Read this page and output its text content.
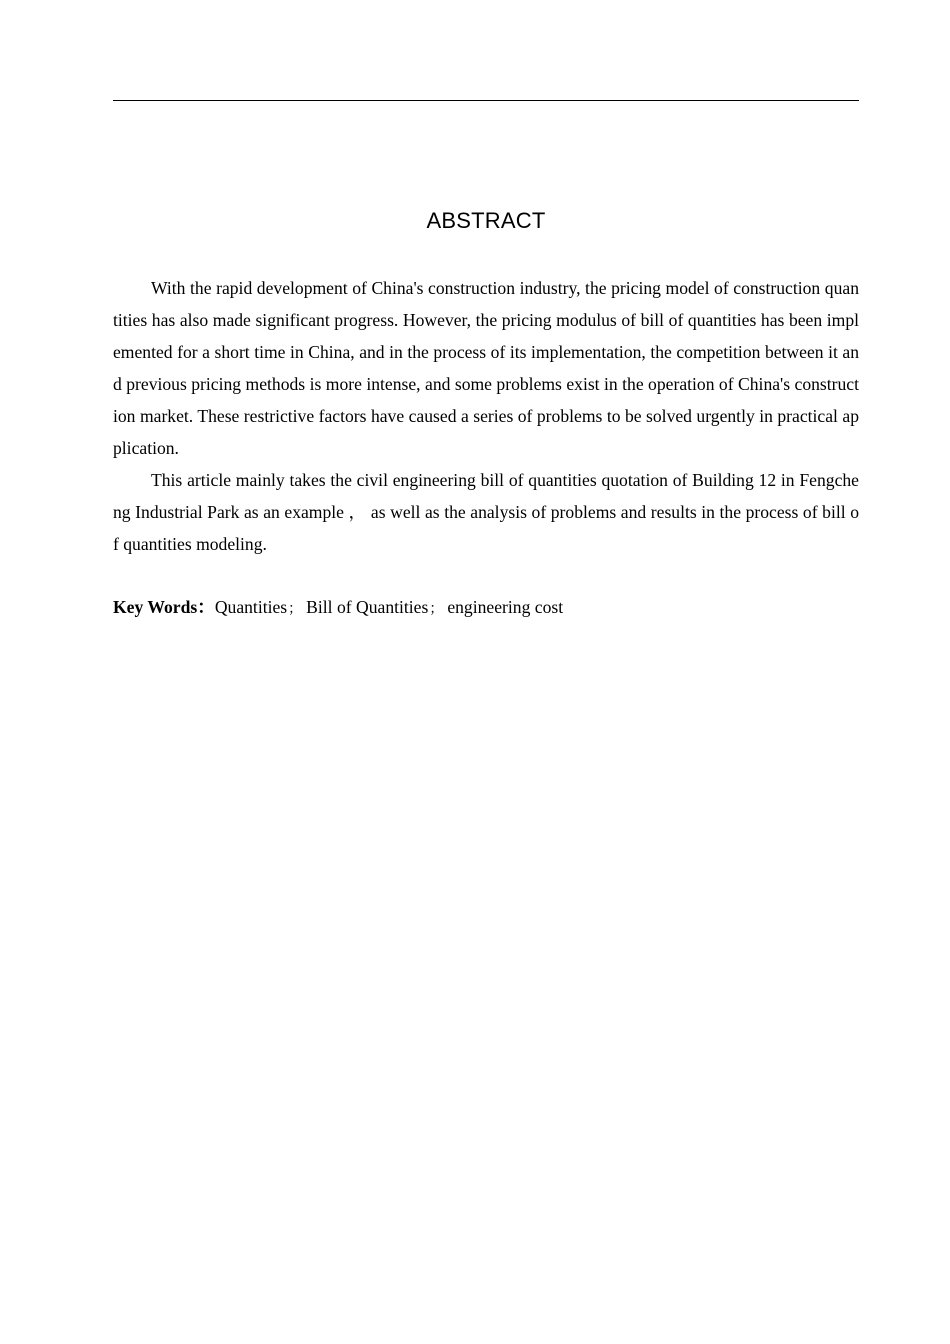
ABSTRACT

With the rapid development of China's construction industry, the pricing model of construction quantities has also made significant progress. However, the pricing modulus of bill of quantities has been implemented for a short time in China, and in the process of its implementation, the competition between it and previous pricing methods is more intense, and some problems exist in the operation of China's construction market. These restrictive factors have caused a series of problems to be solved urgently in practical application.

This article mainly takes the civil engineering bill of quantities quotation of Building 12 in Fengcheng Industrial Park as an example ， as well as the analysis of problems and results in the process of bill of quantities modeling.

Key Words：Quantities； Bill of Quantities； engineering cost
